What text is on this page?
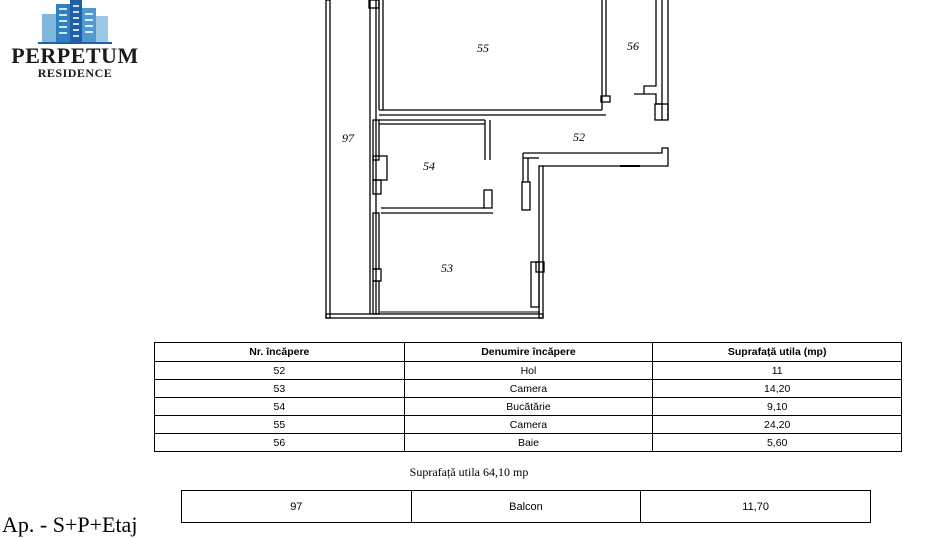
PERPETUM
RESIDENCE
55	56
52
97
54
53
Nr. încăpere	Denumire încăpere	Suprafață utila (mp)
52	Hol	11
53	Camera	14,20
54	Bucătărie	9,10
55	Camera	24,20
56	Baie	5,60
Suprafață utila 64,10 mp
97	Balcon	11,70
Ap. - S+P+Etaj
